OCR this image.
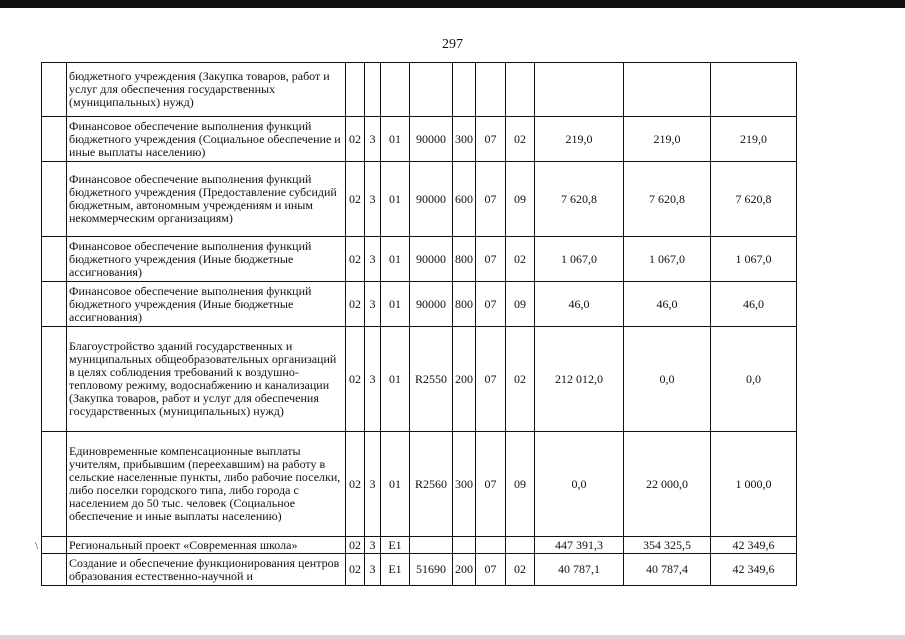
297
\
	бюджетного учреждения (Закупка товаров, работ и услуг для обеспечения государственных (муниципальных) нужд)										
	Финансовое обеспечение выполнения функций бюджетного учреждения (Социальное обеспечение и иные выплаты населению)	02	3	01	90000	300	07	02	219,0	219,0	219,0
	Финансовое обеспечение выполнения функций бюджетного учреждения (Предоставление субсидий бюджетным, автономным учреждениям и иным некоммерческим организациям)	02	3	01	90000	600	07	09	7 620,8	7 620,8	7 620,8
	Финансовое обеспечение выполнения функций бюджетного учреждения (Иные бюджетные ассигнования)	02	3	01	90000	800	07	02	1 067,0	1 067,0	1 067,0
	Финансовое обеспечение выполнения функций бюджетного учреждения (Иные бюджетные ассигнования)	02	3	01	90000	800	07	09	46,0	46,0	46,0
	Благоустройство зданий государственных и муниципальных общеобразовательных организаций в целях соблюдения требований к воздушно-тепловому режиму, водоснабжению и канализации (Закупка товаров, работ и услуг для обеспечения государственных (муниципальных) нужд)	02	3	01	R2550	200	07	02	212 012,0	0,0	0,0
	Единовременные компенсационные выплаты учителям, прибывшим (переехавшим) на работу в сельские населенные пункты, либо рабочие поселки, либо поселки городского типа, либо города с населением до 50 тыс. человек (Социальное обеспечение и иные выплаты населению)	02	3	01	R2560	300	07	09	0,0	22 000,0	1 000,0
	Региональный проект «Современная школа»	02	3	E1					447 391,3	354 325,5	42 349,6
	Создание и обеспечение функционирования центров образования естественно-научной и	02	3	E1	51690	200	07	02	40 787,1	40 787,4	42 349,6
